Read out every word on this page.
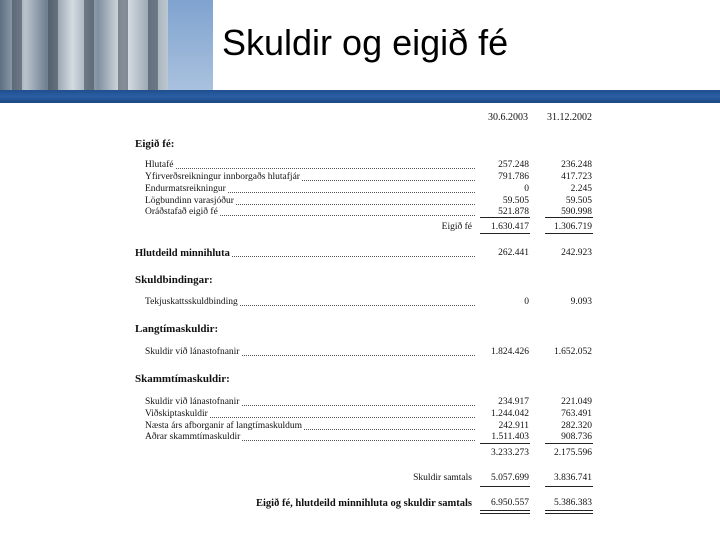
Skuldir og eigið fé
30.6.2003	31.12.2002
Eigið fé:
Hlutafé	257.248	236.248
Yfirverðsreikningur innborgaðs hlutafjár	791.786	417.723
Endurmatsreikningur	0	2.245
Lögbundinn varasjóður	59.505	59.505
Óráðstafað eigið fé	521.878	590.998
Eigið fé	1.630.417	1.306.719
Hlutdeild minnihluta	262.441	242.923
Skuldbindingar:
Tekjuskattsskuldbinding	0	9.093
Langtímaskuldir:
Skuldir við lánastofnanir	1.824.426	1.652.052
Skammtímaskuldir:
Skuldir við lánastofnanir	234.917	221.049
Viðskiptaskuldir	1.244.042	763.491
Næsta árs afborganir af langtímaskuldum	242.911	282.320
Aðrar skammtímaskuldir	1.511.403	908.736
3.233.273	2.175.596
Skuldir samtals	5.057.699	3.836.741
Eigið fé, hlutdeild minnihluta og skuldir samtals	6.950.557	5.386.383
